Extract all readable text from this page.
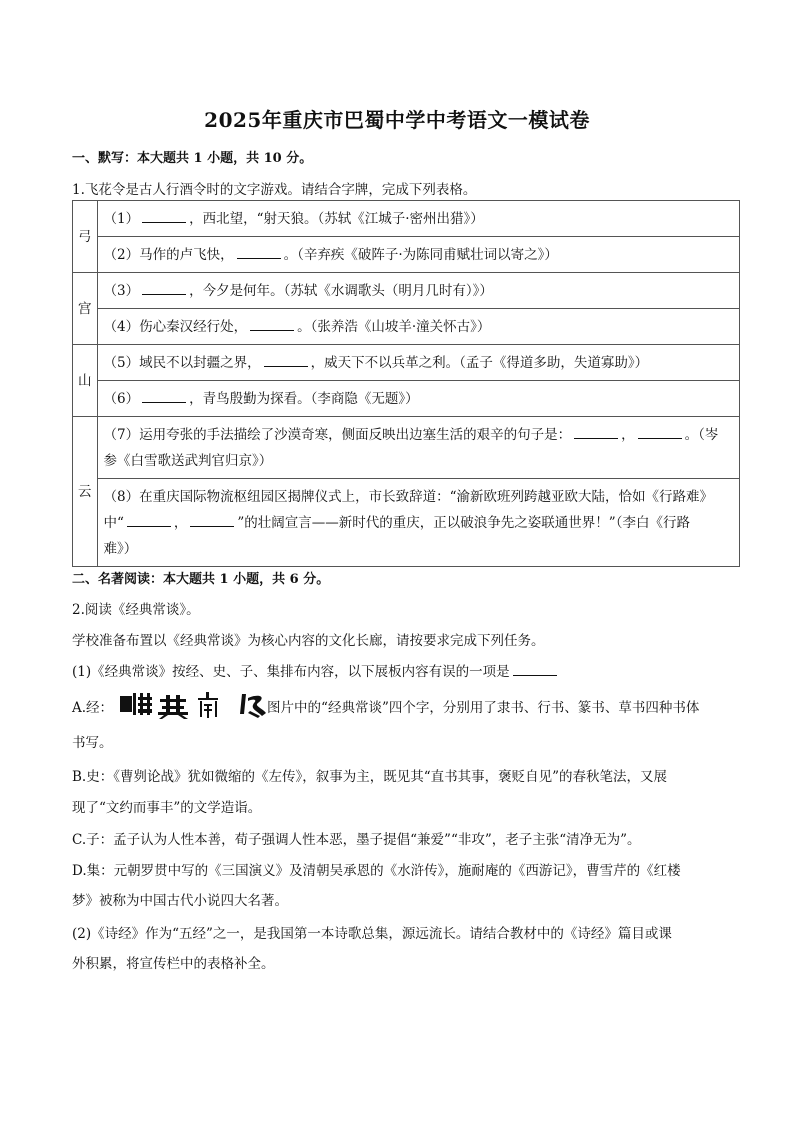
2025年重庆市巴蜀中学中考语文一模试卷
一、默写：本大题共 1 小题，共 10 分。
1.飞花令是古人行酒令时的文字游戏。请结合字牌，完成下列表格。
弓	（1） ，西北望，“射天狼。（苏轼《江城子·密州出猎》）
	（2）马作的卢飞快， 。（辛弃疾《破阵子·为陈同甫赋壮词以寄之》）
宫	（3） ，今夕是何年。（苏轼《水调歌头（明月几时有）》）
	（4）伤心秦汉经行处， 。（张养浩《山坡羊·潼关怀古》）
山	（5）域民不以封疆之界， ，威天下不以兵革之利。（孟子《得道多助，失道寡助》）
	（6） ，青鸟殷勤为探看。（李商隐《无题》）
云	（7）运用夸张的手法描绘了沙漠奇寒，侧面反映出边塞生活的艰辛的句子是： ， 。（岑
参《白雪歌送武判官归京》）
	（8）在重庆国际物流枢纽园区揭牌仪式上，市长致辞道：“渝新欧班列跨越亚欧大陆，恰如《行路难》
中“ ， ”的壮阔宣言——新时代的重庆，正以破浪争先之姿联通世界！”（李白《行路
难》）
二、名著阅读：本大题共 1 小题，共 6 分。
2.阅读《经典常谈》。
学校准备布置以《经典常谈》为核心内容的文化长廊，请按要求完成下列任务。
(1)《经典常谈》按经、史、子、集排布内容，以下展板内容有误的一项是
A.经：	图片中的“经典常谈”四个字，分别用了隶书、行书、篆书、草书四种书体
书写。
B.史：《曹刿论战》犹如微缩的《左传》，叙事为主，既见其“直书其事，褒贬自见”的春秋笔法，又展
现了“文约而事丰”的文学造诣。
C.子：孟子认为人性本善，荀子强调人性本恶，墨子提倡“兼爱”“非攻”，老子主张“清净无为”。
D.集：元朝罗贯中写的《三国演义》及清朝吴承恩的《水浒传》，施耐庵的《西游记》，曹雪芹的《红楼
梦》被称为中国古代小说四大名著。
(2)《诗经》作为“五经”之一，是我国第一本诗歌总集，源远流长。请结合教材中的《诗经》篇目或课
外积累，将宣传栏中的表格补全。
